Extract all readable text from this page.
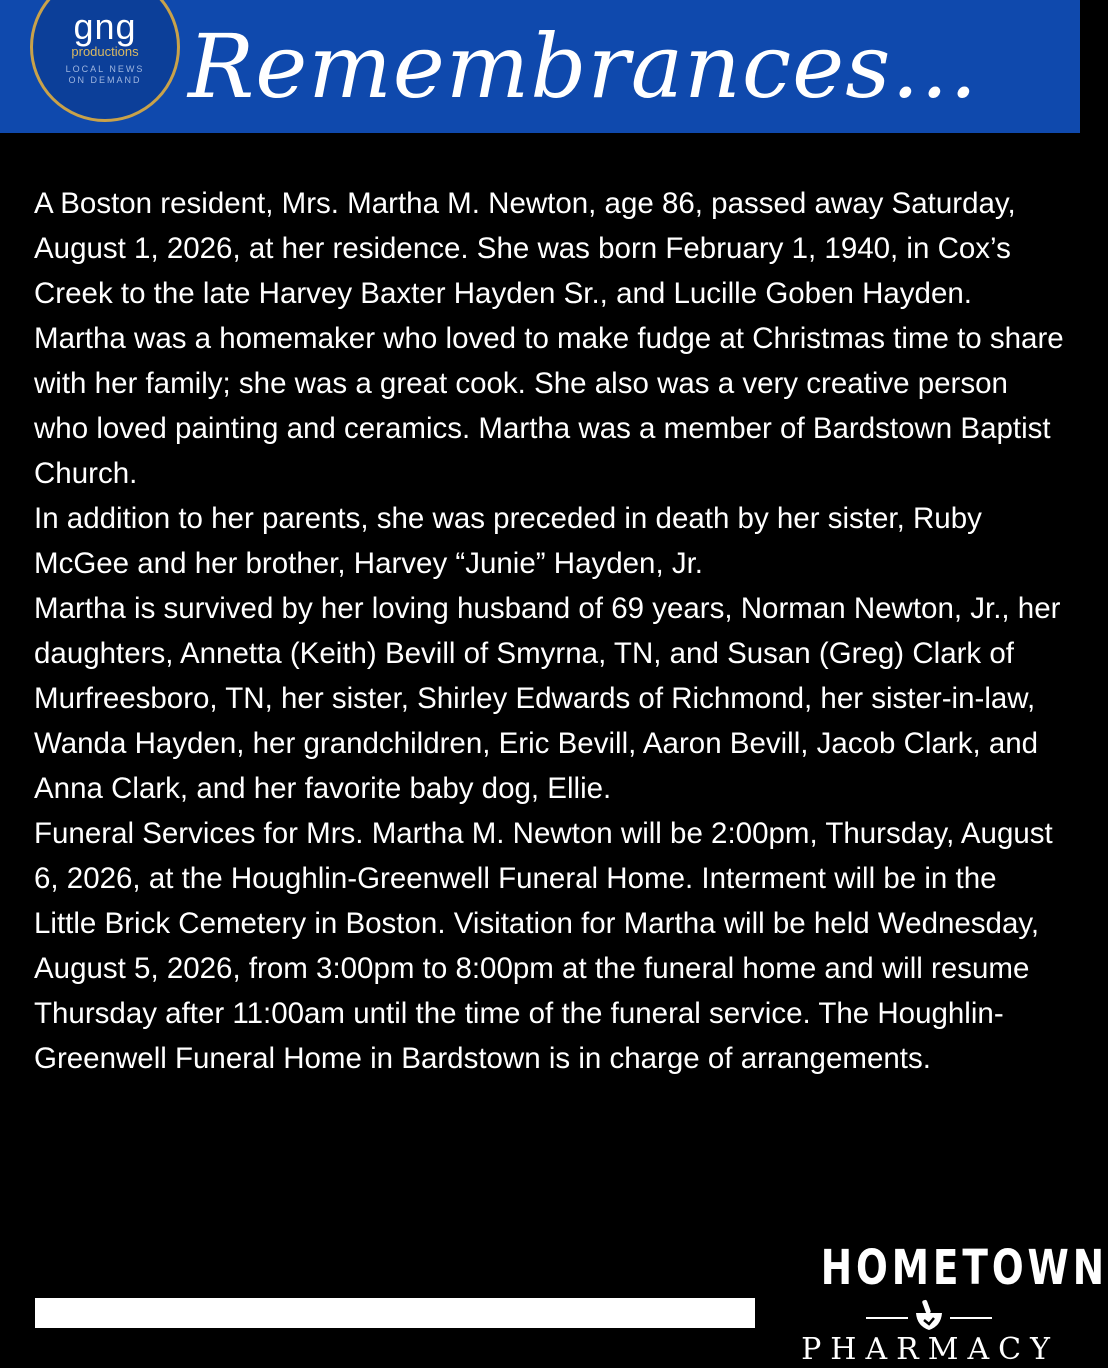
gng
productions
LOCAL NEWS
ON DEMAND Remembrances...

A Boston resident, Mrs. Martha M. Newton, age 86, passed away Saturday, August 1, 2026, at her residence. She was born February 1, 1940, in Cox’s Creek to the late Harvey Baxter Hayden Sr., and Lucille Goben Hayden. Martha was a homemaker who loved to make fudge at Christmas time to share with her family; she was a great cook. She also was a very creative person who loved painting and ceramics. Martha was a member of Bardstown Baptist Church.

In addition to her parents, she was preceded in death by her sister, Ruby McGee and her brother, Harvey “Junie” Hayden, Jr.

Martha is survived by her loving husband of 69 years, Norman Newton, Jr., her daughters, Annetta (Keith) Bevill of Smyrna, TN, and Susan (Greg) Clark of Murfreesboro, TN, her sister, Shirley Edwards of Richmond, her sister-in-law, Wanda Hayden, her grandchildren, Eric Bevill, Aaron Bevill, Jacob Clark, and Anna Clark, and her favorite baby dog, Ellie.

Funeral Services for Mrs. Martha M. Newton will be 2:00pm, Thursday, August 6, 2026, at the Houghlin-Greenwell Funeral Home. Interment will be in the Little Brick Cemetery in Boston. Visitation for Martha will be held Wednesday, August 5, 2026, from 3:00pm to 8:00pm at the funeral home and will resume Thursday after 11:00am until the time of the funeral service. The Houghlin-Greenwell Funeral Home in Bardstown is in charge of arrangements.

HOMETOWN
PHARMACY
